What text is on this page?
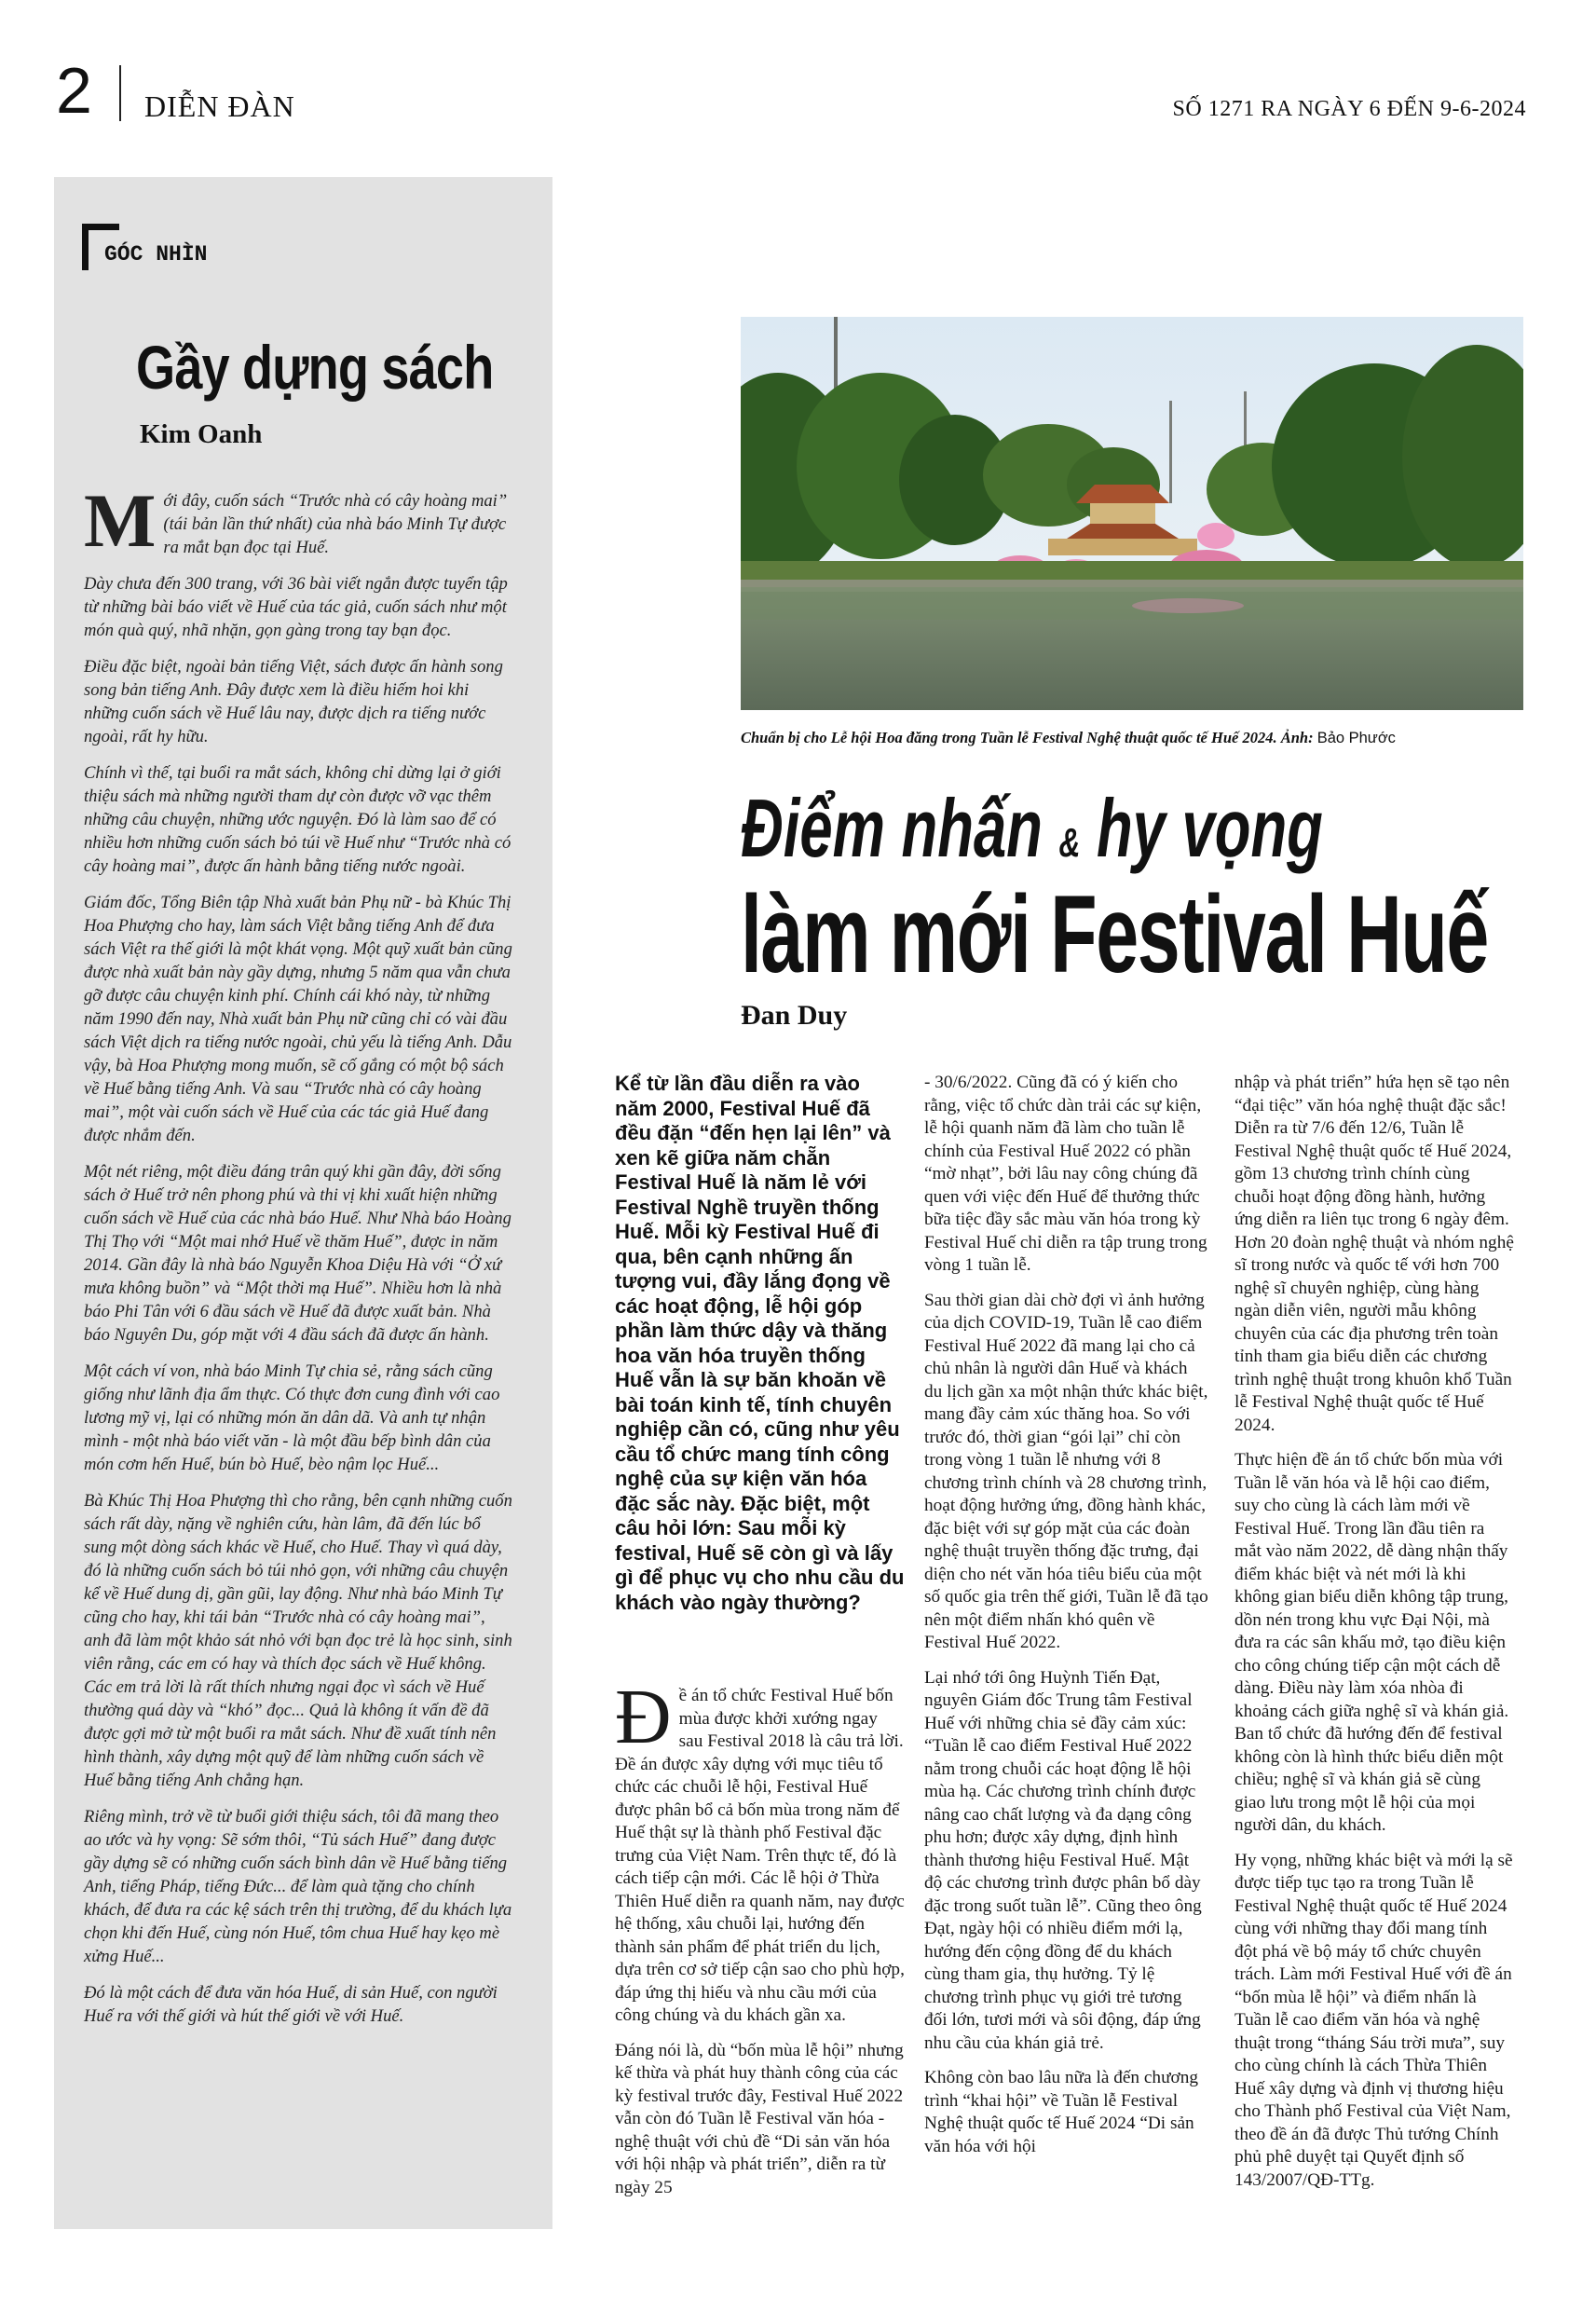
2 DIỄN ĐÀN	SỐ 1271 RA NGÀY 6 ĐẾN 9-6-2024
GÓC NHÌN
Gầy dựng sách
Kim Oanh

Mới đây, cuốn sách “Trước nhà có cây hoàng mai” (tái bản lần thứ nhất) của nhà báo Minh Tự được ra mắt bạn đọc tại Huế.

Dày chưa đến 300 trang, với 36 bài viết ngắn được tuyển tập từ những bài báo viết về Huế của tác giả, cuốn sách như một món quà quý, nhã nhặn, gọn gàng trong tay bạn đọc.

Điều đặc biệt, ngoài bản tiếng Việt, sách được ấn hành song song bản tiếng Anh. Đây được xem là điều hiếm hoi khi những cuốn sách về Huế lâu nay, được dịch ra tiếng nước ngoài, rất hy hữu.

Chính vì thế, tại buổi ra mắt sách, không chỉ dừng lại ở giới thiệu sách mà những người tham dự còn được vỡ vạc thêm những câu chuyện, những ước nguyện. Đó là làm sao để có nhiều hơn những cuốn sách bỏ túi về Huế như “Trước nhà có cây hoàng mai”, được ấn hành bằng tiếng nước ngoài.

Giám đốc, Tổng Biên tập Nhà xuất bản Phụ nữ - bà Khúc Thị Hoa Phượng cho hay, làm sách Việt bằng tiếng Anh để đưa sách Việt ra thế giới là một khát vọng. Một quỹ xuất bản cũng được nhà xuất bản này gầy dựng, nhưng 5 năm qua vẫn chưa gỡ được câu chuyện kinh phí. Chính cái khó này, từ những năm 1990 đến nay, Nhà xuất bản Phụ nữ cũng chỉ có vài đầu sách Việt dịch ra tiếng nước ngoài, chủ yếu là tiếng Anh. Dẫu vậy, bà Hoa Phượng mong muốn, sẽ cố gắng có một bộ sách về Huế bằng tiếng Anh. Và sau “Trước nhà có cây hoàng mai”, một vài cuốn sách về Huế của các tác giả Huế đang được nhắm đến.

Một nét riêng, một điều đáng trân quý khi gần đây, đời sống sách ở Huế trở nên phong phú và thi vị khi xuất hiện những cuốn sách về Huế của các nhà báo Huế. Như Nhà báo Hoàng Thị Thọ với “Một mai nhớ Huế về thăm Huế”, được in năm 2014. Gần đây là nhà báo Nguyễn Khoa Diệu Hà với “Ở xứ mưa không buồn” và “Một thời mạ Huế”. Nhiều hơn là nhà báo Phi Tân với 6 đầu sách về Huế đã được xuất bản. Nhà báo Nguyên Du, góp mặt với 4 đầu sách đã được ấn hành.

Một cách ví von, nhà báo Minh Tự chia sẻ, rằng sách cũng giống như lãnh địa ẩm thực. Có thực đơn cung đình với cao lương mỹ vị, lại có những món ăn dân dã. Và anh tự nhận mình - một nhà báo viết văn - là một đầu bếp bình dân của món cơm hến Huế, bún bò Huế, bèo nậm lọc Huế...

Bà Khúc Thị Hoa Phượng thì cho rằng, bên cạnh những cuốn sách rất dày, nặng về nghiên cứu, hàn lâm, đã đến lúc bổ sung một dòng sách khác về Huế, cho Huế. Thay vì quá dày, đó là những cuốn sách bỏ túi nhỏ gọn, với những câu chuyện kể về Huế dung dị, gần gũi, lay động. Như nhà báo Minh Tự cũng cho hay, khi tái bản “Trước nhà có cây hoàng mai”, anh đã làm một khảo sát nhỏ với bạn đọc trẻ là học sinh, sinh viên rằng, các em có hay và thích đọc sách về Huế không. Các em trả lời là rất thích nhưng ngại đọc vì sách về Huế thường quá dày và “khó” đọc... Quả là không ít vấn đề đã được gợi mở từ một buổi ra mắt sách. Như đề xuất tính nên hình thành, xây dựng một quỹ để làm những cuốn sách về Huế bằng tiếng Anh chẳng hạn.

Riêng mình, trở về từ buổi giới thiệu sách, tôi đã mang theo ao ước và hy vọng: Sẽ sớm thôi, “Tủ sách Huế” đang được gầy dựng sẽ có những cuốn sách bình dân về Huế bằng tiếng Anh, tiếng Pháp, tiếng Đức... để làm quà tặng cho chính khách, để đưa ra các kệ sách trên thị trường, để du khách lựa chọn khi đến Huế, cùng nón Huế, tôm chua Huế hay kẹo mè xửng Huế...

Đó là một cách để đưa văn hóa Huế, di sản Huế, con người Huế ra với thế giới và hút thế giới về với Huế.

Chuẩn bị cho Lễ hội Hoa đăng trong Tuần lễ Festival Nghệ thuật quốc tế Huế 2024. Ảnh: Bảo Phước
Điểm nhấn & hy vọng
làm mới Festival Huế
Đan Duy
Kể từ lần đầu diễn ra vào năm 2000, Festival Huế đã đều đặn “đến hẹn lại lên” và xen kẽ giữa năm chẵn Festival Huế là năm lẻ với Festival Nghề truyền thống Huế. Mỗi kỳ Festival Huế đi qua, bên cạnh những ấn tượng vui, đầy lắng đọng về các hoạt động, lễ hội góp phần làm thức dậy và thăng hoa văn hóa truyền thống Huế vẫn là sự băn khoăn về bài toán kinh tế, tính chuyên nghiệp cần có, cũng như yêu cầu tổ chức mang tính công nghệ của sự kiện văn hóa đặc sắc này. Đặc biệt, một câu hỏi lớn: Sau mỗi kỳ festival, Huế sẽ còn gì và lấy gì để phục vụ cho nhu cầu du khách vào ngày thường?

Đề án tổ chức Festival Huế bốn mùa được khởi xướng ngay sau Festival 2018 là câu trả lời. Đề án được xây dựng với mục tiêu tổ chức các chuỗi lễ hội, Festival Huế được phân bổ cả bốn mùa trong năm để Huế thật sự là thành phố Festival đặc trưng của Việt Nam. Trên thực tế, đó là cách tiếp cận mới. Các lễ hội ở Thừa Thiên Huế diễn ra quanh năm, nay được hệ thống, xâu chuỗi lại, hướng đến thành sản phẩm để phát triển du lịch, dựa trên cơ sở tiếp cận sao cho phù hợp, đáp ứng thị hiếu và nhu cầu mới của công chúng và du khách gần xa.

Đáng nói là, dù “bốn mùa lễ hội” nhưng kế thừa và phát huy thành công của các kỳ festival trước đây, Festival Huế 2022 vẫn còn đó Tuần lễ Festival văn hóa - nghệ thuật với chủ đề “Di sản văn hóa với hội nhập và phát triển”, diễn ra từ ngày 25

- 30/6/2022. Cũng đã có ý kiến cho rằng, việc tổ chức dàn trải các sự kiện, lễ hội quanh năm đã làm cho tuần lễ chính của Festival Huế 2022 có phần “mờ nhạt”, bởi lâu nay công chúng đã quen với việc đến Huế để thưởng thức bữa tiệc đầy sắc màu văn hóa trong kỳ Festival Huế chỉ diễn ra tập trung trong vòng 1 tuần lễ.

Sau thời gian dài chờ đợi vì ảnh hưởng của dịch COVID-19, Tuần lễ cao điểm Festival Huế 2022 đã mang lại cho cả chủ nhân là người dân Huế và khách du lịch gần xa một nhận thức khác biệt, mang đầy cảm xúc thăng hoa. So với trước đó, thời gian “gói lại” chỉ còn trong vòng 1 tuần lễ nhưng với 8 chương trình chính và 28 chương trình, hoạt động hưởng ứng, đồng hành khác, đặc biệt với sự góp mặt của các đoàn nghệ thuật truyền thống đặc trưng, đại diện cho nét văn hóa tiêu biểu của một số quốc gia trên thế giới, Tuần lễ đã tạo nên một điểm nhấn khó quên về Festival Huế 2022.

Lại nhớ tới ông Huỳnh Tiến Đạt, nguyên Giám đốc Trung tâm Festival Huế với những chia sẻ đầy cảm xúc: “Tuần lễ cao điểm Festival Huế 2022 nằm trong chuỗi các hoạt động lễ hội mùa hạ. Các chương trình chính được nâng cao chất lượng và đa dạng công phu hơn; được xây dựng, định hình thành thương hiệu Festival Huế. Mật độ các chương trình được phân bổ dày đặc trong suốt tuần lễ”. Cũng theo ông Đạt, ngày hội có nhiều điểm mới lạ, hướng đến cộng đồng để du khách cùng tham gia, thụ hưởng. Tỷ lệ chương trình phục vụ giới trẻ tương đối lớn, tươi mới và sôi động, đáp ứng nhu cầu của khán giả trẻ.

Không còn bao lâu nữa là đến chương trình “khai hội” về Tuần lễ Festival Nghệ thuật quốc tế Huế 2024 “Di sản văn hóa với hội

nhập và phát triển” hứa hẹn sẽ tạo nên “đại tiệc” văn hóa nghệ thuật đặc sắc! Diễn ra từ 7/6 đến 12/6, Tuần lễ Festival Nghệ thuật quốc tế Huế 2024, gồm 13 chương trình chính cùng chuỗi hoạt động đồng hành, hưởng ứng diễn ra liên tục trong 6 ngày đêm. Hơn 20 đoàn nghệ thuật và nhóm nghệ sĩ trong nước và quốc tế với hơn 700 nghệ sĩ chuyên nghiệp, cùng hàng ngàn diễn viên, người mẫu không chuyên của các địa phương trên toàn tỉnh tham gia biểu diễn các chương trình nghệ thuật trong khuôn khổ Tuần lễ Festival Nghệ thuật quốc tế Huế 2024.

Thực hiện đề án tổ chức bốn mùa với Tuần lễ văn hóa và lễ hội cao điểm, suy cho cùng là cách làm mới về Festival Huế. Trong lần đầu tiên ra mắt vào năm 2022, dễ dàng nhận thấy điểm khác biệt và nét mới là khi không gian biểu diễn không tập trung, dồn nén trong khu vực Đại Nội, mà đưa ra các sân khấu mở, tạo điều kiện cho công chúng tiếp cận một cách dễ dàng. Điều này làm xóa nhòa đi khoảng cách giữa nghệ sĩ và khán giả. Ban tổ chức đã hướng đến để festival không còn là hình thức biểu diễn một chiều; nghệ sĩ và khán giả sẽ cùng giao lưu trong một lễ hội của mọi người dân, du khách.

Hy vọng, những khác biệt và mới lạ sẽ được tiếp tục tạo ra trong Tuần lễ Festival Nghệ thuật quốc tế Huế 2024 cùng với những thay đổi mang tính đột phá về bộ máy tổ chức chuyên trách. Làm mới Festival Huế với đề án “bốn mùa lễ hội” và điểm nhấn là Tuần lễ cao điểm văn hóa và nghệ thuật trong “tháng Sáu trời mưa”, suy cho cùng chính là cách Thừa Thiên Huế xây dựng và định vị thương hiệu cho Thành phố Festival của Việt Nam, theo đề án đã được Thủ tướng Chính phủ phê duyệt tại Quyết định số 143/2007/QĐ-TTg.
